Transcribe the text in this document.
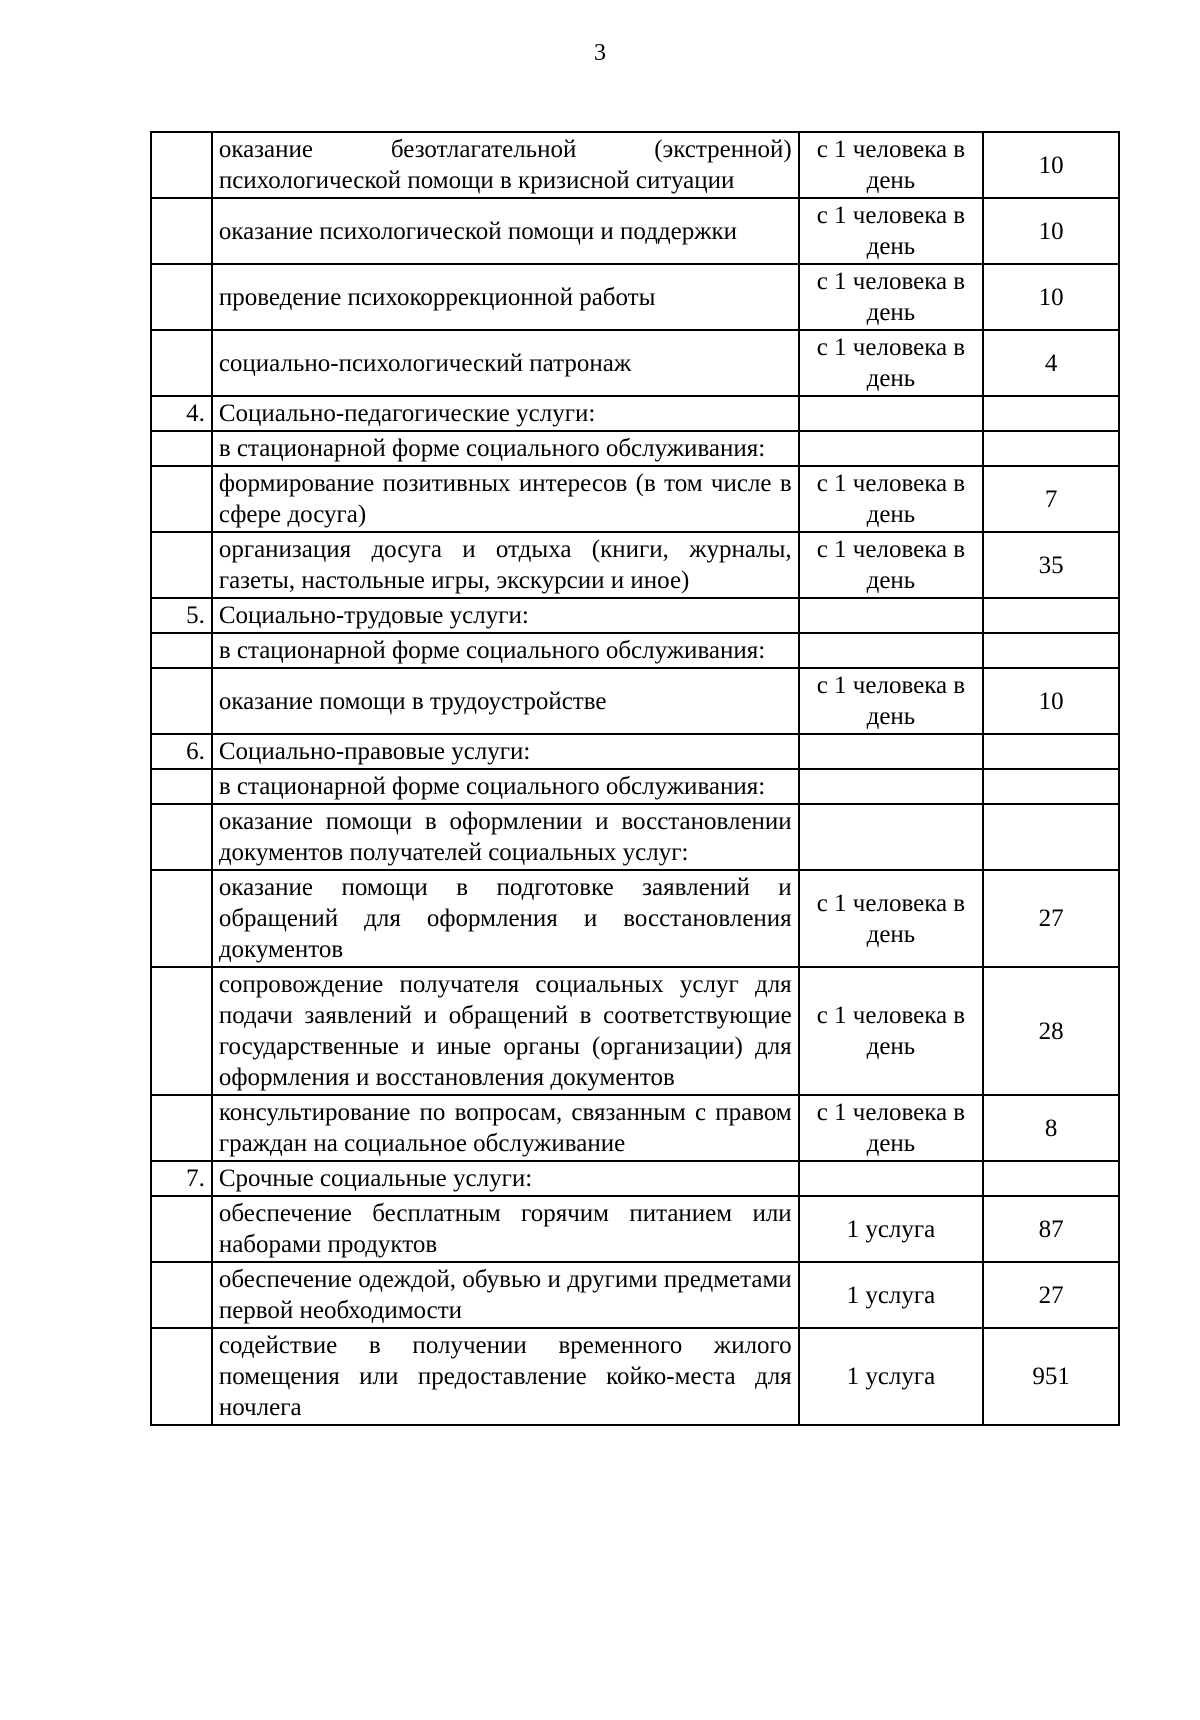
3
	оказание безотлагательной (экстренной) психологической помощи в кризисной ситуации	с 1 человека в день	10
	оказание психологической помощи и поддержки	с 1 человека в день	10
	проведение психокоррекционной работы	с 1 человека в день	10
	социально-психологический патронаж	с 1 человека в день	4
4.	Социально-педагогические услуги:		
	в стационарной форме социального обслуживания:		
	формирование позитивных интересов (в том числе в сфере досуга)	с 1 человека в день	7
	организация досуга и отдыха (книги, журналы, газеты, настольные игры, экскурсии и иное)	с 1 человека в день	35
5.	Социально-трудовые услуги:		
	в стационарной форме социального обслуживания:		
	оказание помощи в трудоустройстве	с 1 человека в день	10
6.	Социально-правовые услуги:		
	в стационарной форме социального обслуживания:		
	оказание помощи в оформлении и восстановлении документов получателей социальных услуг:		
	оказание помощи в подготовке заявлений и обращений для оформления и восстановления документов	с 1 человека в день	27
	сопровождение получателя социальных услуг для подачи заявлений и обращений в соответствующие государственные и иные органы (организации) для оформления и восстановления документов	с 1 человека в день	28
	консультирование по вопросам, связанным с правом граждан на социальное обслуживание	с 1 человека в день	8
7.	Срочные социальные услуги:		
	обеспечение бесплатным горячим питанием или наборами продуктов	1 услуга	87
	обеспечение одеждой, обувью и другими предметами первой необходимости	1 услуга	27
	содействие в получении временного жилого помещения или предоставление койко-места для ночлега	1 услуга	951
